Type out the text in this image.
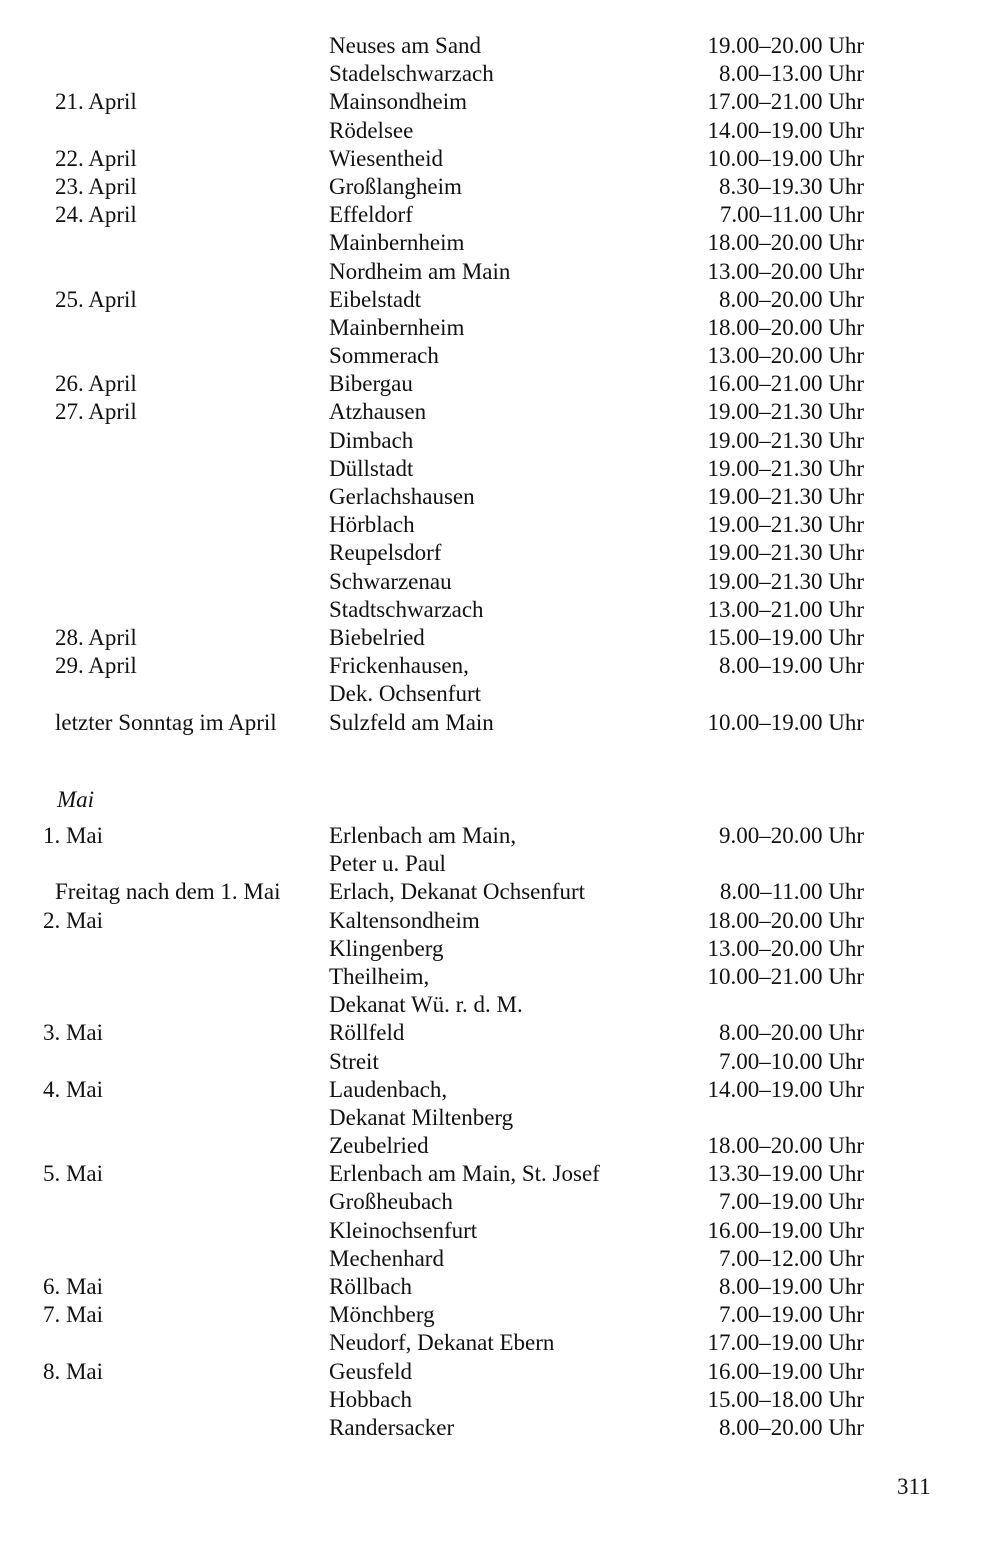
Neuses am Sand	19.00–20.00 Uhr
Stadelschwarzach	8.00–13.00 Uhr
21. April	Mainsondheim	17.00–21.00 Uhr
Rödelsee	14.00–19.00 Uhr
22. April	Wiesentheid	10.00–19.00 Uhr
23. April	Großlangheim	8.30–19.30 Uhr
24. April	Effeldorf	7.00–11.00 Uhr
Mainbernheim	18.00–20.00 Uhr
Nordheim am Main	13.00–20.00 Uhr
25. April	Eibelstadt	8.00–20.00 Uhr
Mainbernheim	18.00–20.00 Uhr
Sommerach	13.00–20.00 Uhr
26. April	Bibergau	16.00–21.00 Uhr
27. April	Atzhausen	19.00–21.30 Uhr
Dimbach	19.00–21.30 Uhr
Düllstadt	19.00–21.30 Uhr
Gerlachshausen	19.00–21.30 Uhr
Hörblach	19.00–21.30 Uhr
Reupelsdorf	19.00–21.30 Uhr
Schwarzenau	19.00–21.30 Uhr
Stadtschwarzach	13.00–21.00 Uhr
28. April	Biebelried	15.00–19.00 Uhr
29. April	Frickenhausen,	8.00–19.00 Uhr
Dek. Ochsenfurt
letzter Sonntag im April	Sulzfeld am Main	10.00–19.00 Uhr
Mai
1. Mai	Erlenbach am Main,	9.00–20.00 Uhr
Peter u. Paul
Freitag nach dem 1. Mai	Erlach, Dekanat Ochsenfurt	8.00–11.00 Uhr
2. Mai	Kaltensondheim	18.00–20.00 Uhr
Klingenberg	13.00–20.00 Uhr
Theilheim,	10.00–21.00 Uhr
Dekanat Wü. r. d. M.
3. Mai	Röllfeld	8.00–20.00 Uhr
Streit	7.00–10.00 Uhr
4. Mai	Laudenbach,	14.00–19.00 Uhr
Dekanat Miltenberg
Zeubelried	18.00–20.00 Uhr
5. Mai	Erlenbach am Main, St. Josef	13.30–19.00 Uhr
Großheubach	7.00–19.00 Uhr
Kleinochsenfurt	16.00–19.00 Uhr
Mechenhard	7.00–12.00 Uhr
6. Mai	Röllbach	8.00–19.00 Uhr
7. Mai	Mönchberg	7.00–19.00 Uhr
Neudorf, Dekanat Ebern	17.00–19.00 Uhr
8. Mai	Geusfeld	16.00–19.00 Uhr
Hobbach	15.00–18.00 Uhr
Randersacker	8.00–20.00 Uhr
311
